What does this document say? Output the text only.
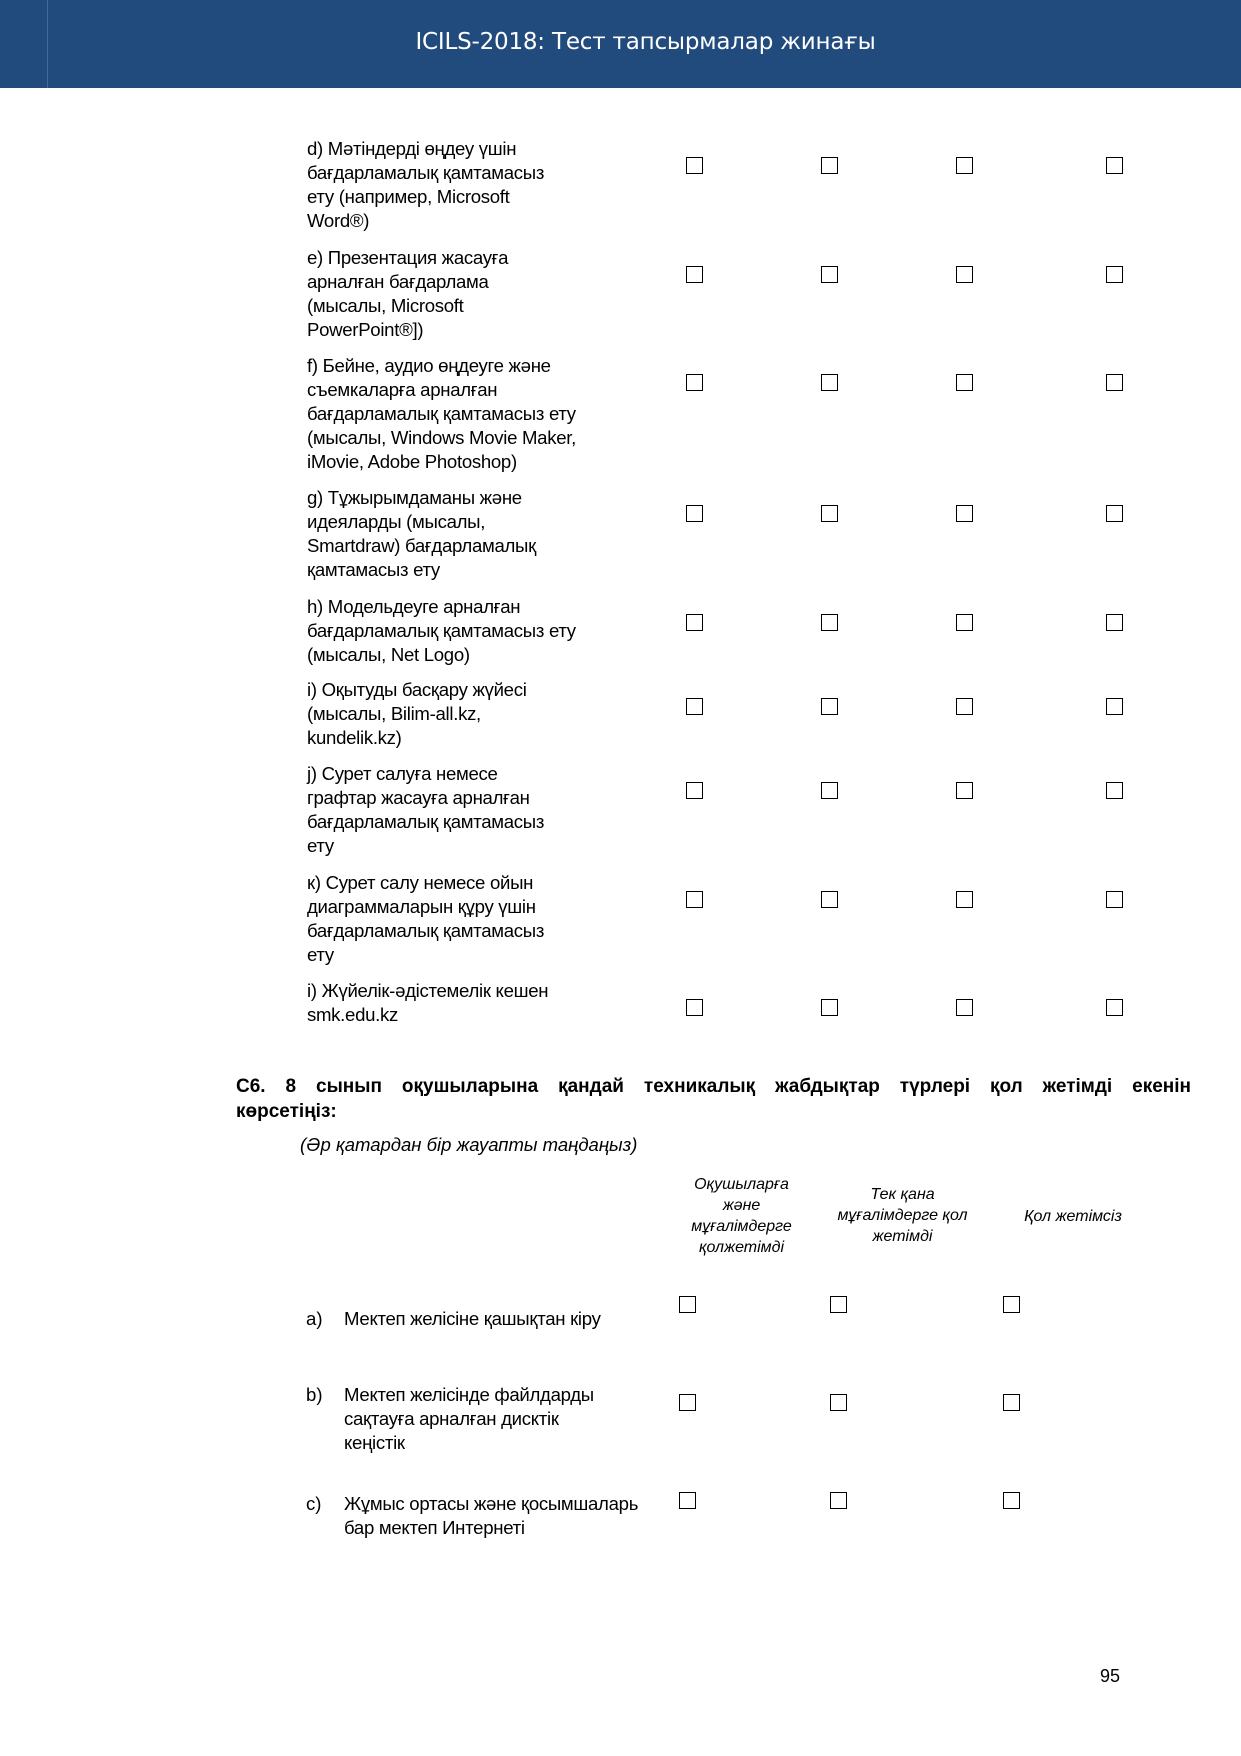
ICILS-2018: Тест тапсырмалар жинағы
d) Мәтіндерді өңдеу үшін
бағдарламалық қамтамасыз
ету (например, Microsoft
Word®)
e) Презентация жасауға
арналған бағдарлама
(мысалы, Microsoft
PowerPoint®])
f) Бейне, аудио өңдеуге және
съемкаларға арналған
бағдарламалық қамтамасыз ету
(мысалы, Windows Movie Maker,
iMovie, Adobe Photoshop)
g) Тұжырымдаманы және
идеяларды (мысалы,
Smartdraw) бағдарламалық
қамтамасыз ету
h) Модельдеуге арналған
бағдарламалық қамтамасыз ету
(мысалы, Net Logo)
i) Оқытуды басқару жүйесі
(мысалы, Bilim-all.kz,
kundelik.kz)
j) Сурет салуға немесе
графтар жасауға арналған
бағдарламалық қамтамасыз
ету
к) Сурет салу немесе ойын
диаграммаларын құру үшін
бағдарламалық қамтамасыз
ету
i) Жүйелік-әдістемелік кешен
smk.edu.kz
С6. 8 сынып оқушыларына қандай техникалық жабдықтар түрлері қол жетімді екенін көрсетіңіз:
(Әр қатардан бір жауапты таңдаңыз)
Оқушыларға
және
мұғалімдерге
қолжетімді
Тек қана
мұғалімдерге қол
жетімді
Қол жетімсіз
a) Мектеп желісіне қашықтан кіру
b) Мектеп желісінде файлдарды
сақтауға арналған дисктік
кеңістік
c) Жұмыс ортасы және қосымшаларь
бар мектеп Интернеті
95
